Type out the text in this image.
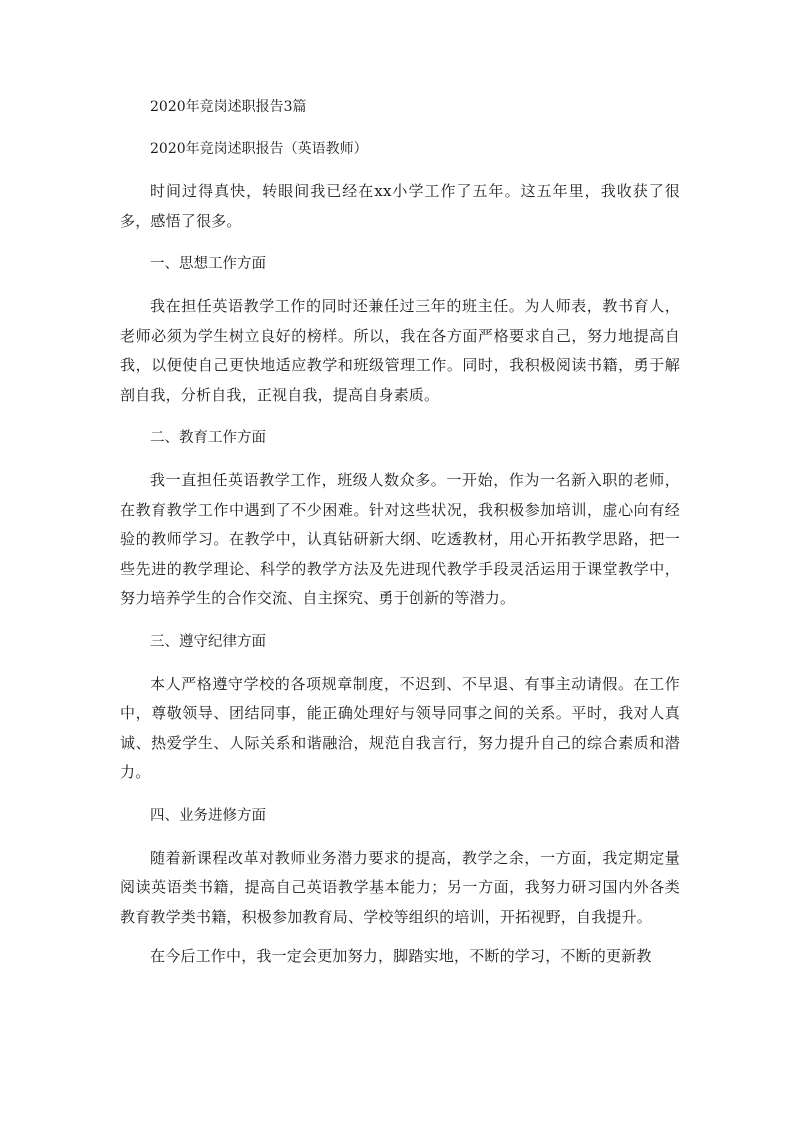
2020年竞岗述职报告3篇
2020年竞岗述职报告（英语教师）

时间过得真快，转眼间我已经在xx小学工作了五年。这五年里，我收获了很多，感悟了很多。

一、思想工作方面

我在担任英语教学工作的同时还兼任过三年的班主任。为人师表，教书育人，老师必须为学生树立良好的榜样。所以，我在各方面严格要求自己，努力地提高自我，以便使自己更快地适应教学和班级管理工作。同时，我积极阅读书籍，勇于解剖自我，分析自我，正视自我，提高自身素质。

二、教育工作方面

我一直担任英语教学工作，班级人数众多。一开始，作为一名新入职的老师，在教育教学工作中遇到了不少困难。针对这些状况，我积极参加培训，虚心向有经验的教师学习。在教学中，认真钻研新大纲、吃透教材，用心开拓教学思路，把一些先进的教学理论、科学的教学方法及先进现代教学手段灵活运用于课堂教学中，努力培养学生的合作交流、自主探究、勇于创新的等潜力。

三、遵守纪律方面

本人严格遵守学校的各项规章制度，不迟到、不早退、有事主动请假。在工作中，尊敬领导、团结同事，能正确处理好与领导同事之间的关系。平时，我对人真诚、热爱学生、人际关系和谐融洽，规范自我言行，努力提升自己的综合素质和潜力。

四、业务进修方面

随着新课程改革对教师业务潜力要求的提高，教学之余，一方面，我定期定量阅读英语类书籍，提高自己英语教学基本能力；另一方面，我努力研习国内外各类教育教学类书籍，积极参加教育局、学校等组织的培训，开拓视野，自我提升。

在今后工作中，我一定会更加努力，脚踏实地，不断的学习，不断的更新教
